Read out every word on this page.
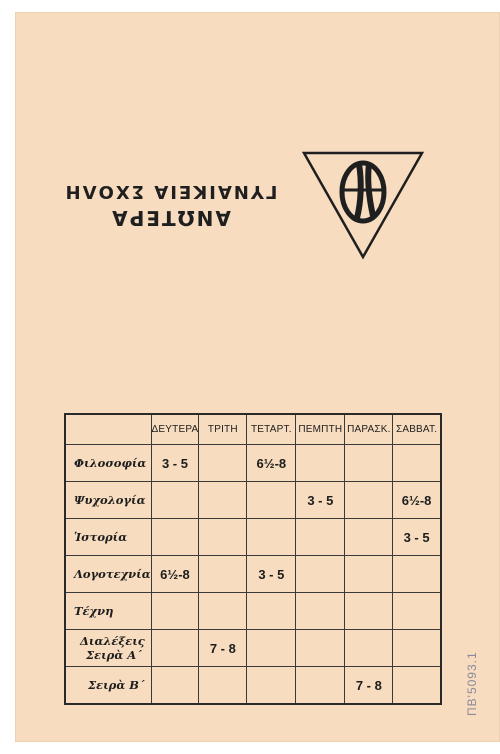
ΑΝΩΤΕΡΑ
ΓΥΝΑΙΚΕΙΑ ΣΧΟΛΗ
	ΔΕΥΤΕΡΑ	ΤΡΙΤΗ	ΤΕΤΑΡΤ.	ΠΕΜΠΤΗ	ΠΑΡΑΣΚ.	ΣΑΒΒΑΤ.
Φιλοσοφία	3 - 5		6½-8			
Ψυχολογία				3 - 5		6½-8
Ἱστορία						3 - 5
Λογοτεχνία	6½-8		3 - 5			
Τέχνη						

Διαλέξεις
Σειρὰ Α΄		7 - 8				
Σειρὰ Β΄					7 - 8		ΠΒ'5093.1
